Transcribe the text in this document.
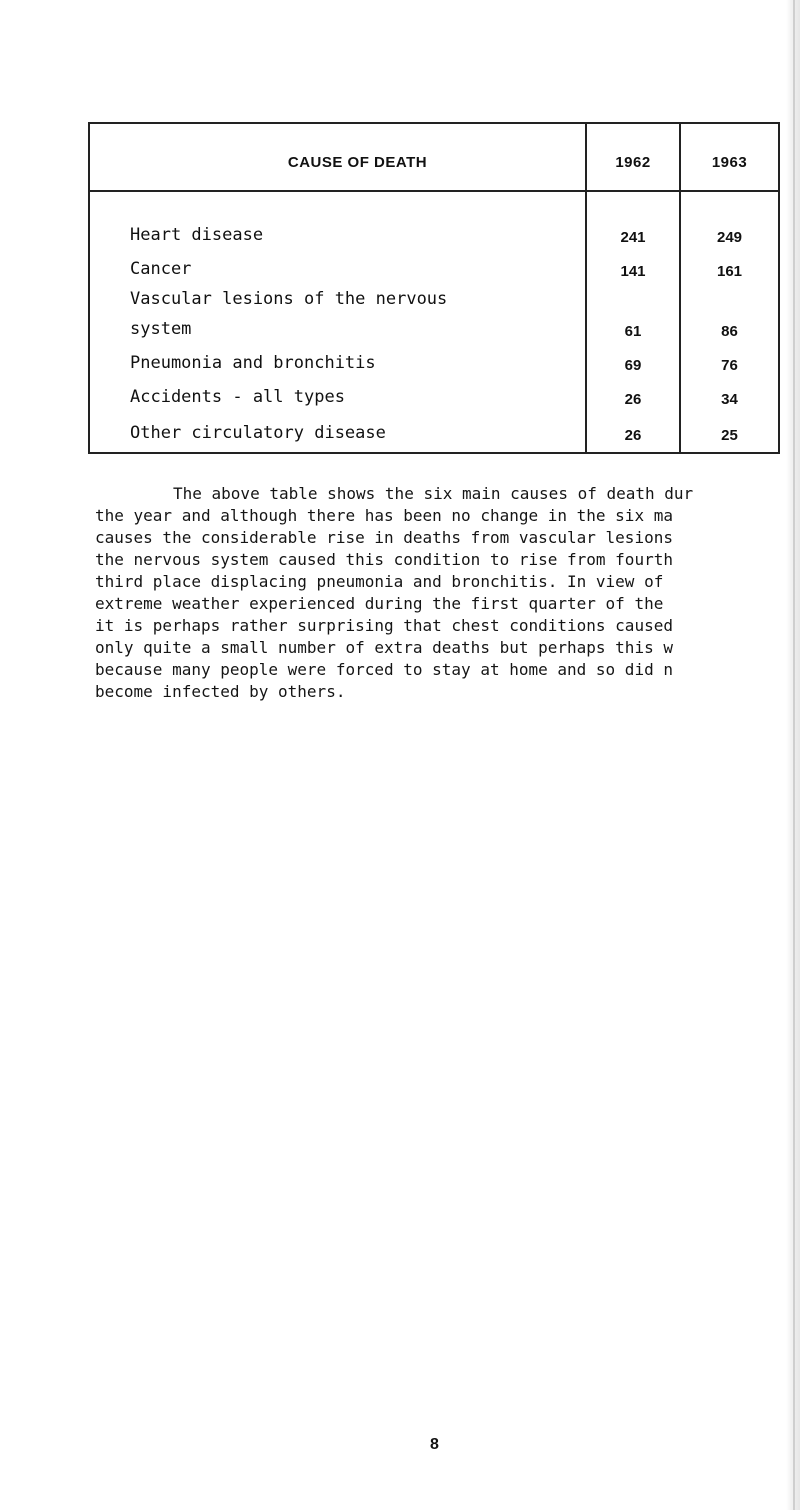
CAUSE OF DEATH	1962	1963

Heart disease	241	249

Cancer	141	161

Vascular lesions of the nervous
system	61	86

Pneumonia and bronchitis	69	76

Accidents - all types	26	34

Other circulatory disease	26	25
The above table shows the six main causes of death dur
the year and although there has been no change in the six ma
causes the considerable rise in deaths from vascular lesions
the nervous system caused this condition to rise from fourth
third place displacing pneumonia and bronchitis. In view of
extreme weather experienced during the first quarter of the
it is perhaps rather surprising that chest conditions caused
only quite a small number of extra deaths but perhaps this w
because many people were forced to stay at home and so did n
become infected by others.
8
